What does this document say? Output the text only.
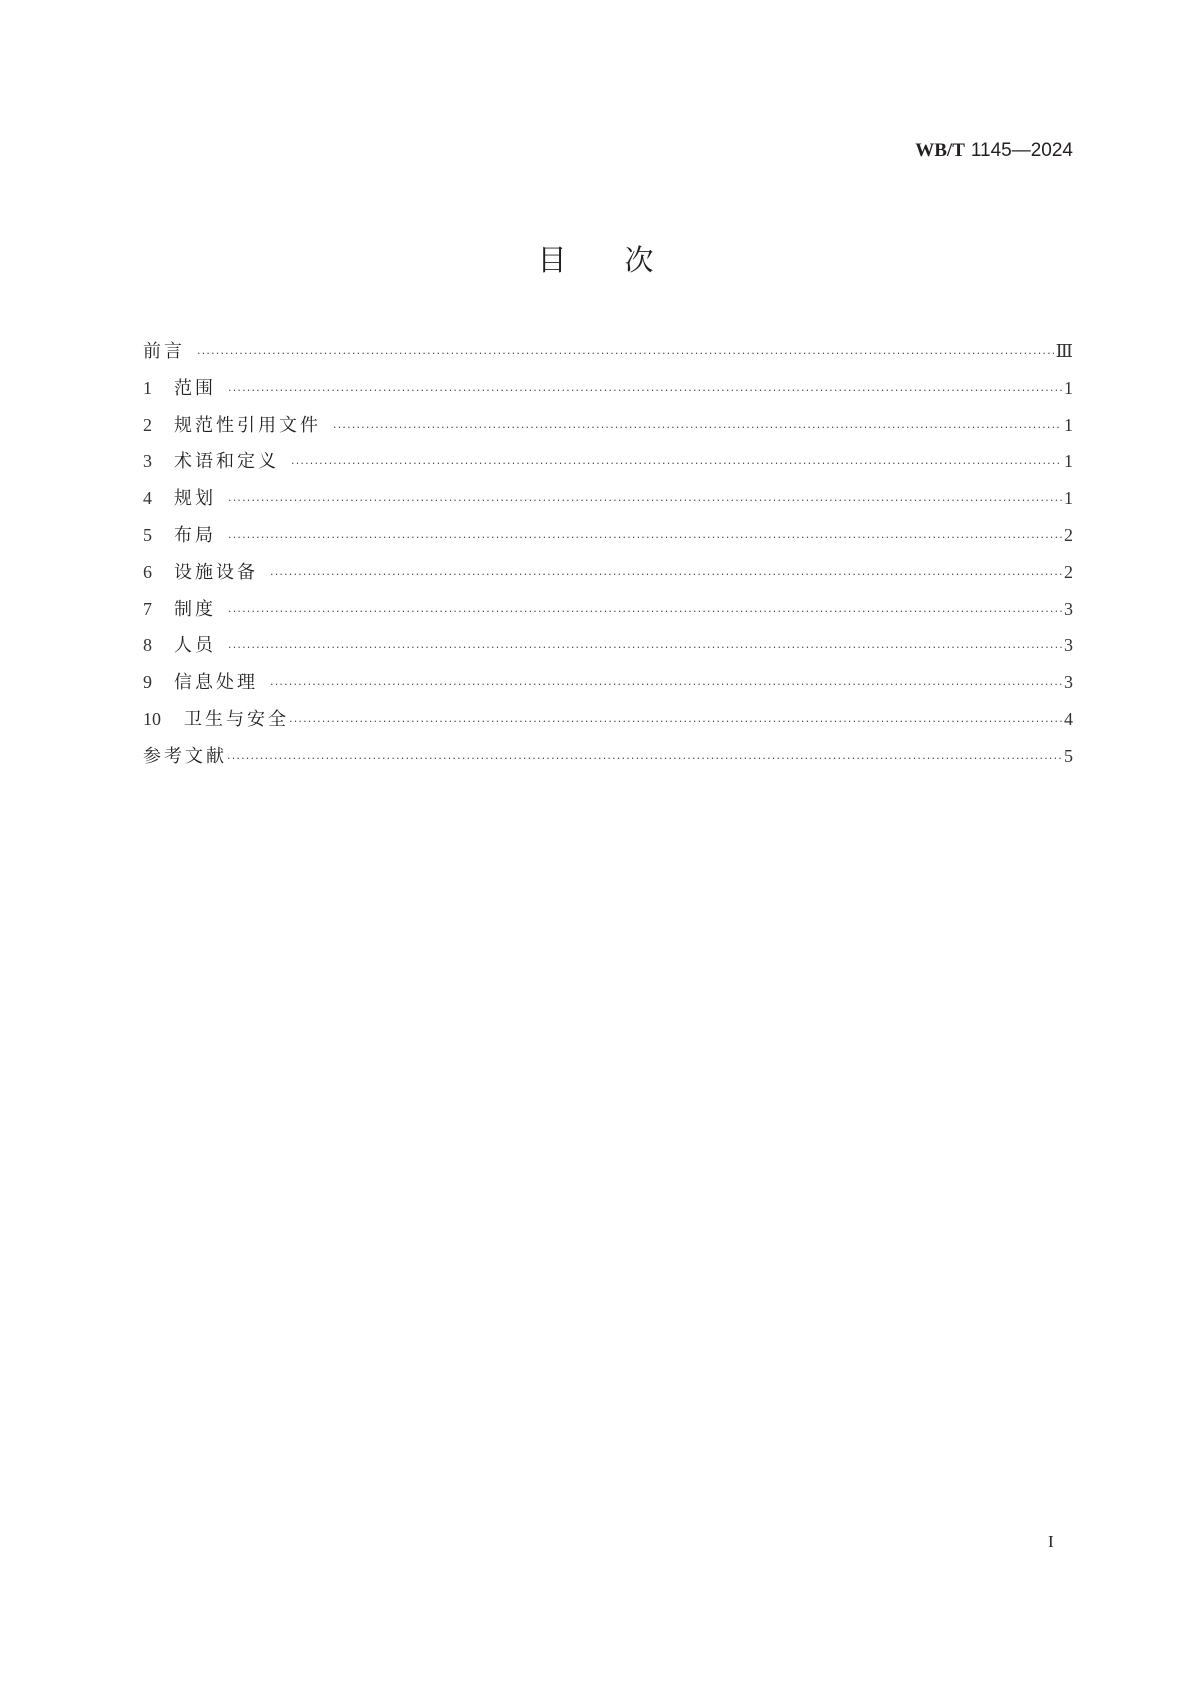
WB/T 1145—2024
目次
前言 ·····	Ⅲ
1	范围 ·····	1
2	规范性引用文件 ·····	1
3	术语和定义 ·····	1
4	规划 ·····	1
5	布局 ·····	2
6	设施设备 ·····	2
7	制度 ·····	3
8	人员 ·····	3
9	信息处理 ·····	3
10	卫生与安全 ·····	4
参考文献 ·····	5
I
